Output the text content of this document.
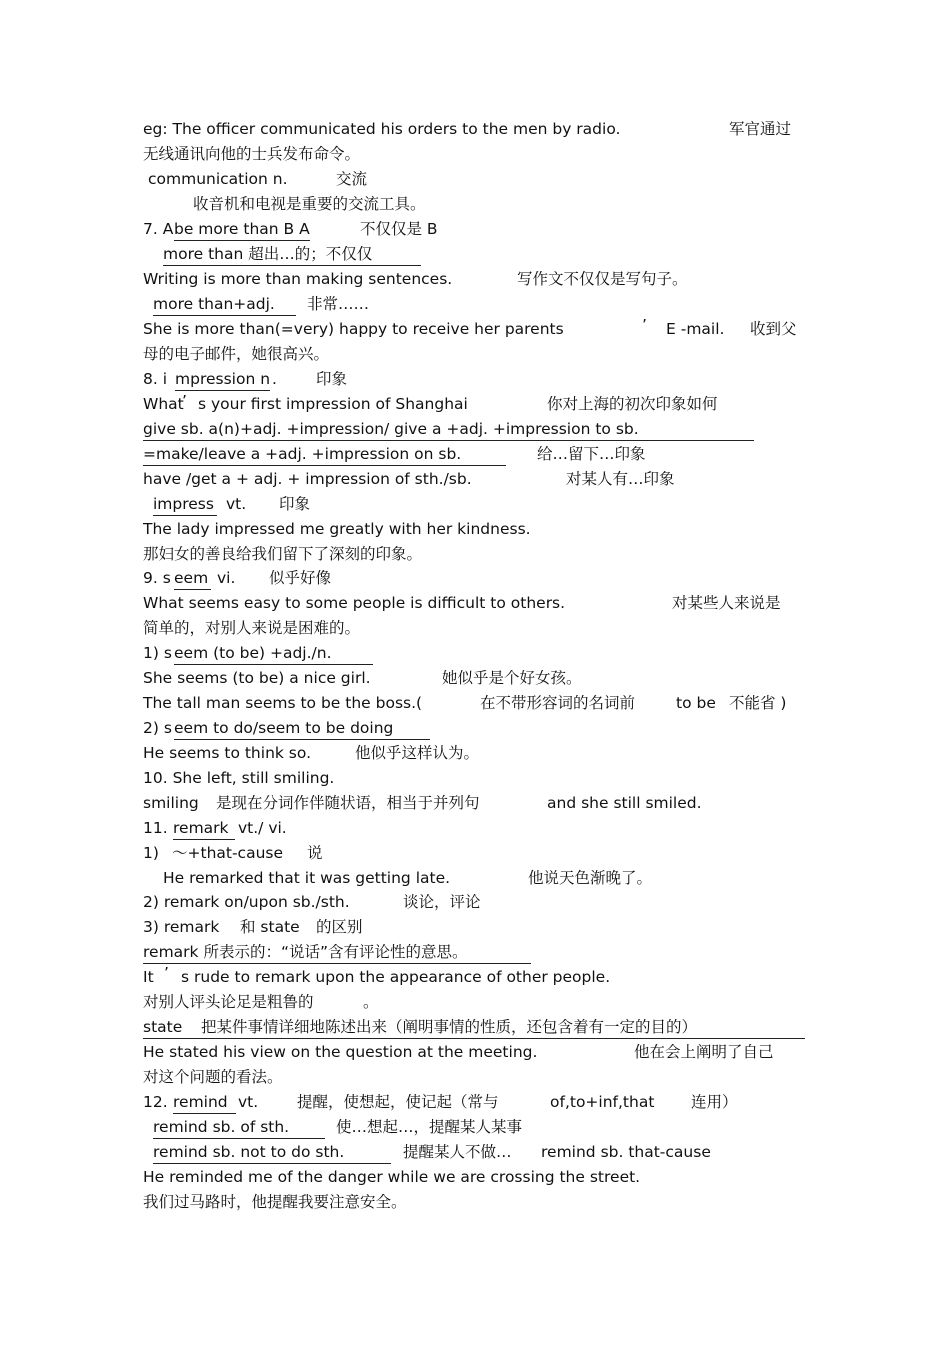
eg: The officer communicated his orders to the men by radio.	军官通过
无线通讯向他的士兵发布命令。
communication n.	交流
收音机和电视是重要的交流工具。
7. A be more than B A	不仅仅是 B
more than 超出…的；不仅仅
Writing is more than making sentences.	写作文不仅仅是写句子。
more than+adj.	非常……
She is more than(=very) happy to receive her parents	’ E -mail. 收到父
母的电子邮件，她很高兴。
8. i mpression n .	印象
What
’ s your first impression of Shanghai	你对上海的初次印象如何
give sb. a(n)+adj. +impression/ give a +adj. +impression to sb.
=make/leave a +adj. +impression on sb.	给…留下…印象
have /get a + adj. + impression of sth./sb.	对某人有…印象
impress vt. 印象
The lady impressed me greatly with her kindness.
那妇女的善良给我们留下了深刻的印象。
9. s eem vi. 似乎好像
What seems easy to some people is difficult to others.	对某些人来说是
简单的，对别人来说是困难的。
1) s eem (to be) +adj./n.
She seems (to be) a nice girl.	她似乎是个好女孩。
The tall man seems to be the boss.(	在不带形容词的名词前	to be 不能省 )
2) s eem to do/seem to be doing
He seems to think so.	他似乎这样认为。
10. She left, still smiling.
smiling 是现在分词作伴随状语，相当于并列句	and she still smiled.
11. remark vt./ vi.
1) ～+that-cause 说
He remarked that it was getting late.	他说天色渐晚了。
2) remark on/upon sb./sth.	谈论，评论
3) remark 和 state 的区别
remark 所表示的：“说话”含有评论性的意思。
It ’ s rude to remark upon the appearance of other people.
对别人评头论足是粗鲁的	。
state	把某件事情详细地陈述出来（阐明事情的性质，还包含着有一定的目的）
He stated his view on the question at the meeting.	他在会上阐明了自己
对这个问题的看法。
12. remind vt.	提醒，使想起，使记起（常与	of,to+inf,that 连用）
remind sb. of sth.	使…想起…，提醒某人某事
remind sb. not to do sth.	提醒某人不做… remind sb. that-cause
He reminded me of the danger while we are crossing the street.
我们过马路时，他提醒我要注意安全。
